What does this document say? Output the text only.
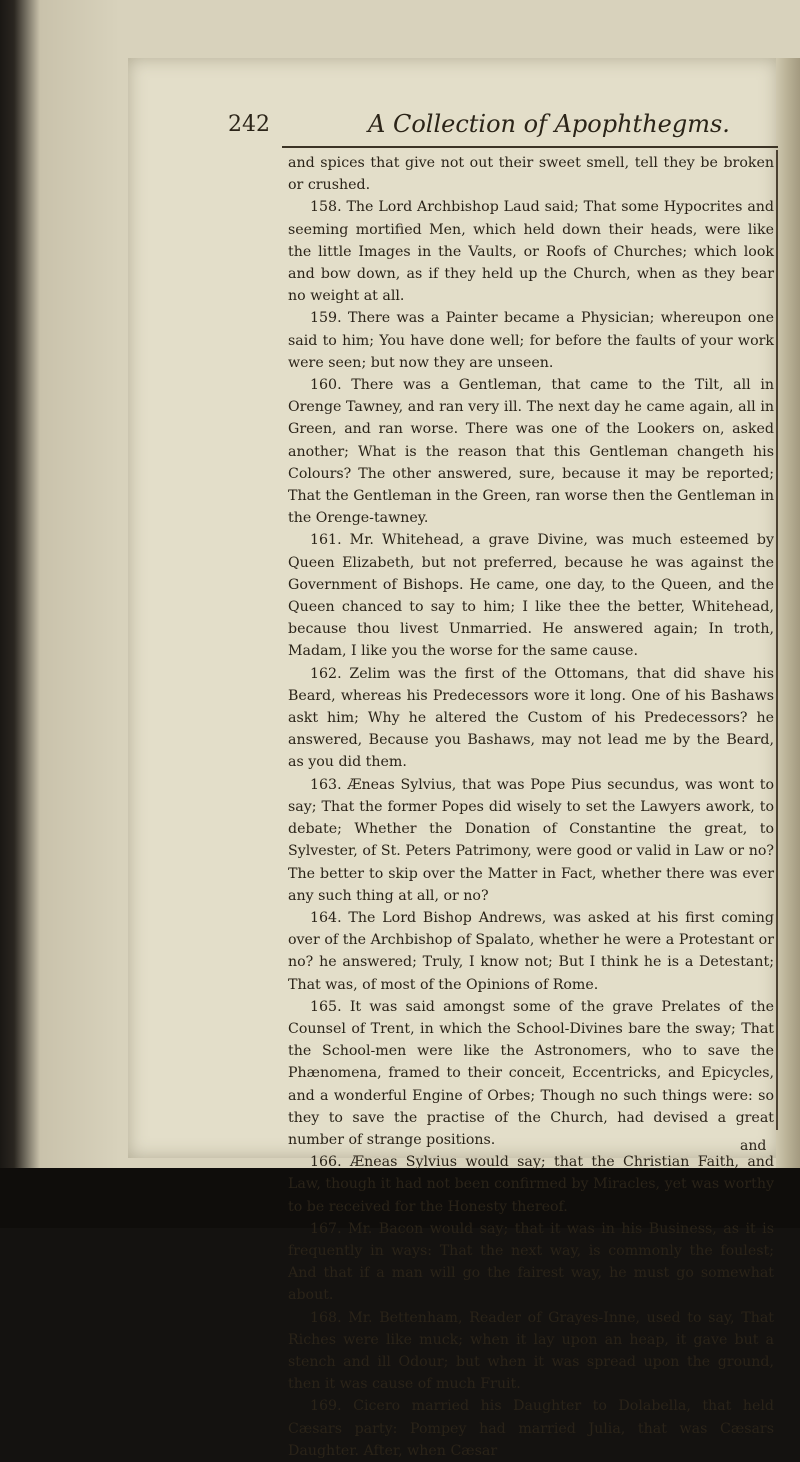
242	A Collection of Apophthegms.

and spices that give not out their sweet smell, tell they be broken or crushed.

158. The Lord Archbishop Laud said; That some Hypocrites and seeming mortified Men, which held down their heads, were like the little Images in the Vaults, or Roofs of Churches; which look and bow down, as if they held up the Church, when as they bear no weight at all.

159. There was a Painter became a Physician; whereupon one said to him; You have done well; for before the faults of your work were seen; but now they are unseen.

160. There was a Gentleman, that came to the Tilt, all in Orenge Tawney, and ran very ill. The next day he came again, all in Green, and ran worse. There was one of the Lookers on, asked another; What is the reason that this Gentleman changeth his Colours? The other answered, sure, because it may be reported; That the Gentleman in the Green, ran worse then the Gentleman in the Orenge-tawney.

161. Mr. Whitehead, a grave Divine, was much esteemed by Queen Elizabeth, but not preferred, because he was against the Government of Bishops. He came, one day, to the Queen, and the Queen chanced to say to him; I like thee the better, Whitehead, because thou livest Unmarried. He answered again; In troth, Madam, I like you the worse for the same cause.

162. Zelim was the first of the Ottomans, that did shave his Beard, whereas his Predecessors wore it long. One of his Bashaws askt him; Why he altered the Custom of his Predecessors? he answered, Because you Bashaws, may not lead me by the Beard, as you did them.

163. Æneas Sylvius, that was Pope Pius secundus, was wont to say; That the former Popes did wisely to set the Lawyers awork, to debate; Whether the Donation of Constantine the great, to Sylvester, of St. Peters Patrimony, were good or valid in Law or no? The better to skip over the Matter in Fact, whether there was ever any such thing at all, or no?

164. The Lord Bishop Andrews, was asked at his first coming over of the Archbishop of Spalato, whether he were a Protestant or no? he answered; Truly, I know not; But I think he is a Detestant; That was, of most of the Opinions of Rome.

165. It was said amongst some of the grave Prelates of the Counsel of Trent, in which the School-Divines bare the sway; That the School-men were like the Astronomers, who to save the Phænomena, framed to their conceit, Eccentricks, and Epicycles, and a wonderful Engine of Orbes; Though no such things were: so they to save the practise of the Church, had devised a great number of strange positions.

166. Æneas Sylvius would say; that the Christian Faith, and Law, though it had not been confirmed by Miracles, yet was worthy to be received for the Honesty thereof.

167. Mr. Bacon would say; that it was in his Business, as it is frequently in ways: That the next way, is commonly the foulest; And that if a man will go the fairest way, he must go somewhat about.

168. Mr. Bettenham, Reader of Grayes-Inne, used to say, That Riches were like muck; when it lay upon an heap, it gave but a stench and ill Odour; but when it was spread upon the ground, then it was cause of much Fruit.

169. Cicero married his Daughter to Dolabella, that held Cæsars party: Pompey had married Julia, that was Cæsars Daughter. After, when Cæsar

and
